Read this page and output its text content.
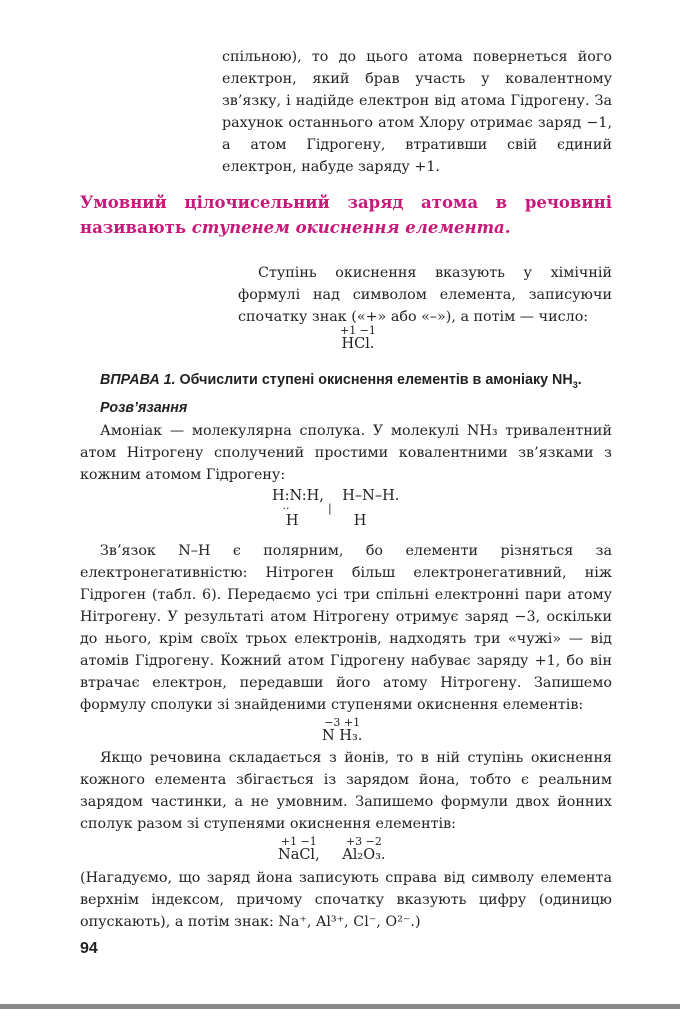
спільною), то до цього атома повернеться його електрон, який брав участь у ковалентному зв’язку, і надійде електрон від атома Гідрогену. За рахунок останнього атом Хлору отримає заряд −1, а атом Гідрогену, втративши свій єдиний електрон, набуде заряду +1.
Умовний цілочисельний заряд атома в речовині називають ступенем окиснення елемента.
Ступінь окиснення вказують у хімічній формулі над символом елемента, записуючи спочатку знак («+» або «–»), а потім — число:
+1 −1
HCl.
ВПРАВА 1. Обчислити ступені окиснення елементів в амоніаку $NH_3$.
Розв’язання
Амоніак — молекулярна сполука. У молекулі NH₃ тривалентний атом Нітрогену сполучений простими ковалентними зв’язками з кожним атомом Гідрогену:
H:N:H,    H–N–H.
··           |
H            H
Зв’язок N–H є полярним, бо елементи різняться за електронегативністю: Нітроген більш електронегативний, ніж Гідроген (табл. 6). Передаємо усі три спільні електронні пари атому Нітрогену. У результаті атом Нітрогену отримує заряд −3, оскільки до нього, крім своїх трьох електронів, надходять три «чужі» — від атомів Гідрогену. Кожний атом Гідрогену набуває заряду +1, бо він втрачає електрон, передавши його атому Нітрогену. Запишемо формулу сполуки зі знайденими ступенями окиснення елементів:
−3 +1
N H₃.
Якщо речовина складається з йонів, то в ній ступінь окиснення кожного елемента збігається із зарядом йона, тобто є реальним зарядом частинки, а не умовним. Запишемо формули двох йонних сполук разом зі ступенями окиснення елементів:
+1 −1
NaCl,

+3 −2
Al₂O₃.
(Нагадуємо, що заряд йона записують справа від символу елемента верхнім індексом, причому спочатку вказують цифру (одиницю опускають), а потім знак: Na⁺, Al³⁺, Cl⁻, O²⁻.)
94
